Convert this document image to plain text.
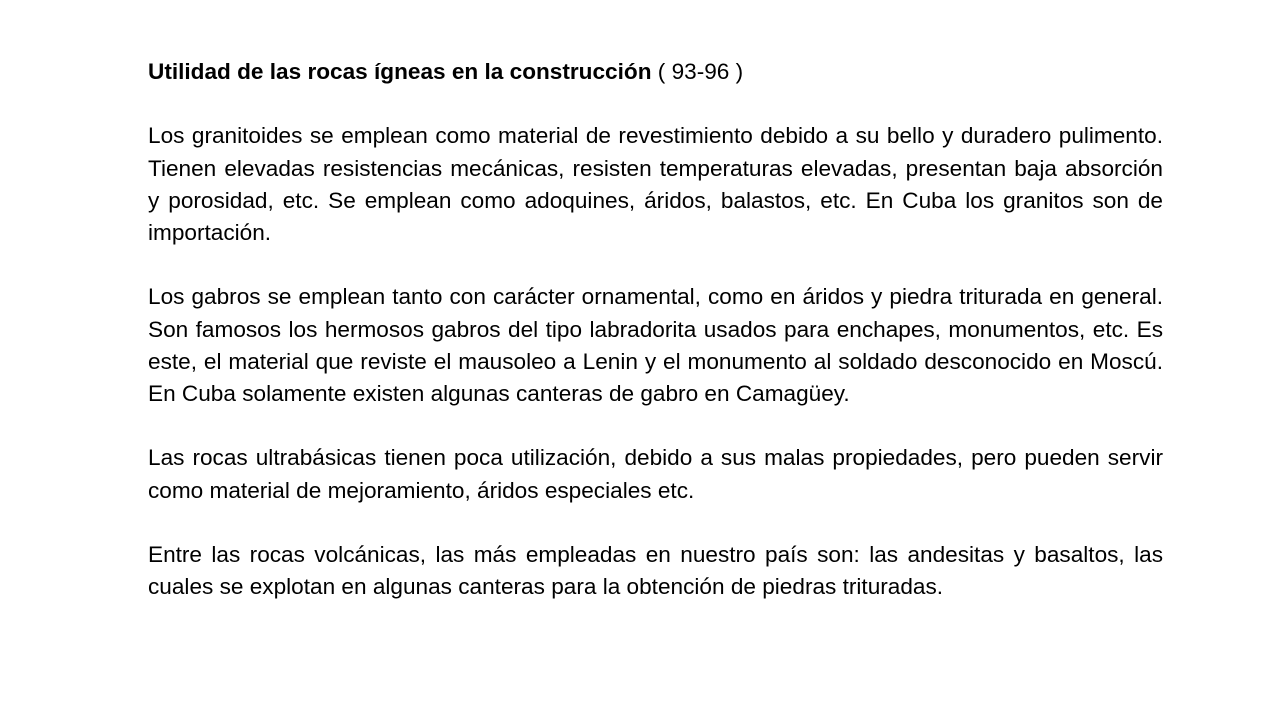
Utilidad de las rocas ígneas en la construcción ( 93-96 )

Los granitoides se emplean como material de revestimiento debido a su bello y duradero pulimento. Tienen elevadas resistencias mecánicas, resisten temperaturas elevadas, presentan baja absorción y porosidad, etc. Se emplean como adoquines, áridos, balastos, etc. En Cuba los granitos son de importación.

Los gabros se emplean tanto con carácter ornamental, como en áridos y piedra triturada en general. Son famosos los hermosos gabros del tipo labradorita usados para enchapes, monumentos, etc. Es este, el material que reviste el mausoleo a Lenin y el monumento al soldado desconocido en Moscú. En Cuba solamente existen algunas canteras de gabro en Camagüey.

Las rocas ultrabásicas tienen poca utilización, debido a sus malas propiedades, pero pueden servir como material de mejoramiento, áridos especiales etc.

Entre las rocas volcánicas, las más empleadas en nuestro país son: las andesitas y basaltos, las cuales se explotan en algunas canteras para la obtención de piedras trituradas.
